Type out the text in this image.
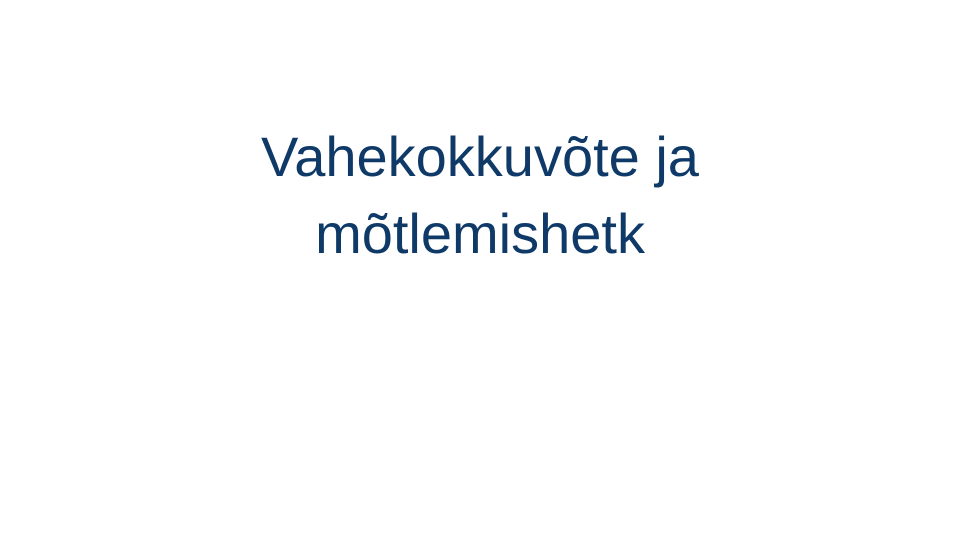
Vahekokkuvõte ja
mõtlemishetk
